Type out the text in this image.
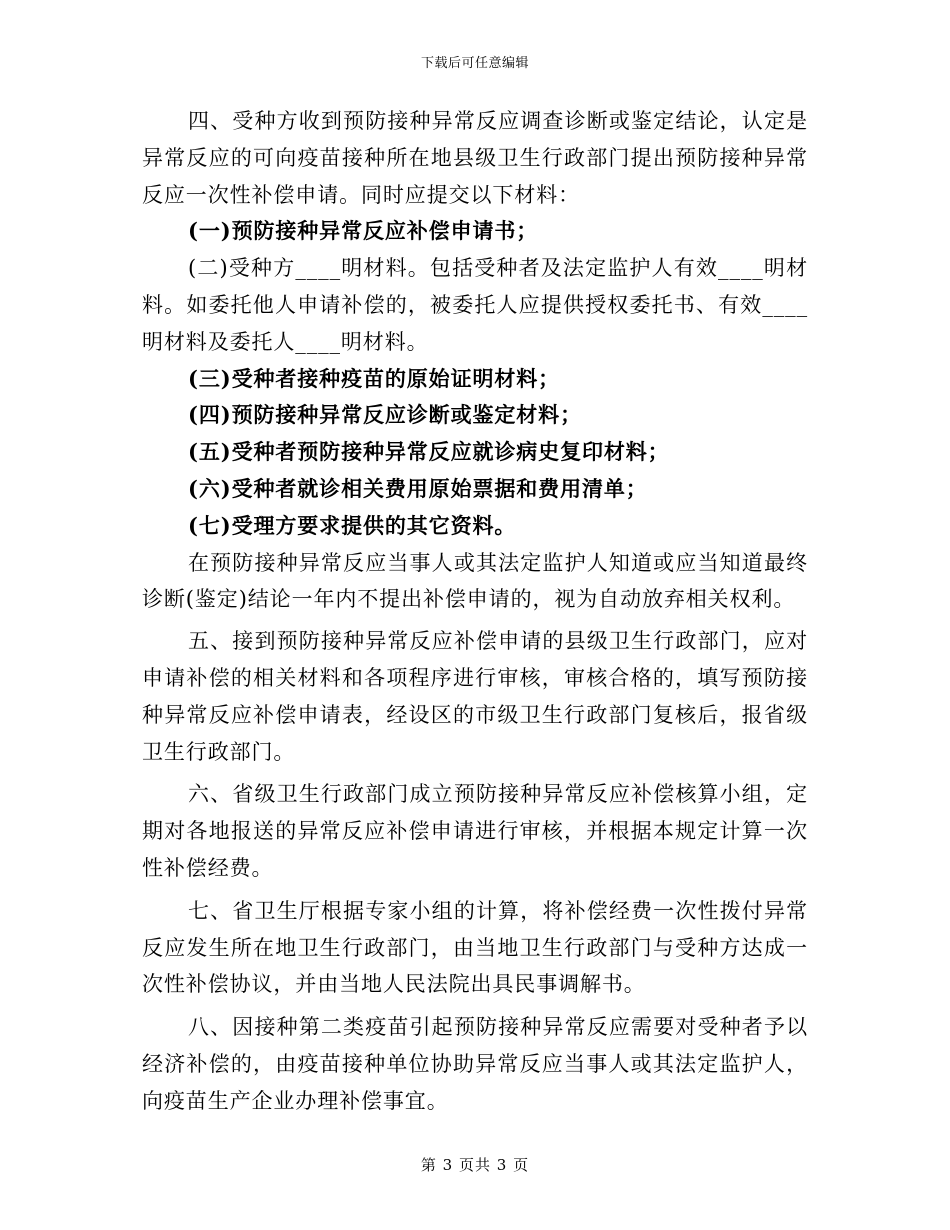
下载后可任意编辑

四、受种方收到预防接种异常反应调查诊断或鉴定结论，认定是异常反应的可向疫苗接种所在地县级卫生行政部门提出预防接种异常反应一次性补偿申请。同时应提交以下材料：

(一)预防接种异常反应补偿申请书；

(二)受种方____明材料。包括受种者及法定监护人有效____明材料。如委托他人申请补偿的，被委托人应提供授权委托书、有效____明材料及委托人____明材料。

(三)受种者接种疫苗的原始证明材料；

(四)预防接种异常反应诊断或鉴定材料；

(五)受种者预防接种异常反应就诊病史复印材料；

(六)受种者就诊相关费用原始票据和费用清单；

(七)受理方要求提供的其它资料。

在预防接种异常反应当事人或其法定监护人知道或应当知道最终诊断(鉴定)结论一年内不提出补偿申请的，视为自动放弃相关权利。

五、接到预防接种异常反应补偿申请的县级卫生行政部门，应对申请补偿的相关材料和各项程序进行审核，审核合格的，填写预防接种异常反应补偿申请表，经设区的市级卫生行政部门复核后，报省级卫生行政部门。

六、省级卫生行政部门成立预防接种异常反应补偿核算小组，定期对各地报送的异常反应补偿申请进行审核，并根据本规定计算一次性补偿经费。

七、省卫生厅根据专家小组的计算，将补偿经费一次性拨付异常反应发生所在地卫生行政部门，由当地卫生行政部门与受种方达成一次性补偿协议，并由当地人民法院出具民事调解书。

八、因接种第二类疫苗引起预防接种异常反应需要对受种者予以经济补偿的，由疫苗接种单位协助异常反应当事人或其法定监护人，向疫苗生产企业办理补偿事宜。

第 3 页共 3 页
